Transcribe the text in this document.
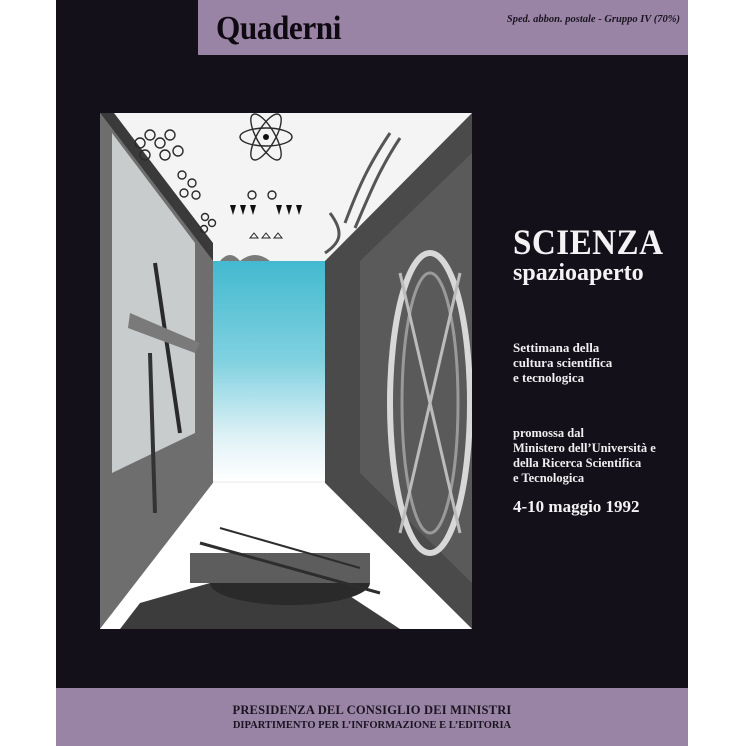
Quaderni	Sped. abbon. postale - Gruppo IV (70%)
SCIENZA
spazioaperto
Settimana della
cultura scientifica
e tecnologica
promossa dal
Ministero dell’Università e
della Ricerca Scientifica
e Tecnologica
4-10 maggio 1992
PRESIDENZA DEL CONSIGLIO DEI MINISTRI
DIPARTIMENTO PER L’INFORMAZIONE E L’EDITORIA
